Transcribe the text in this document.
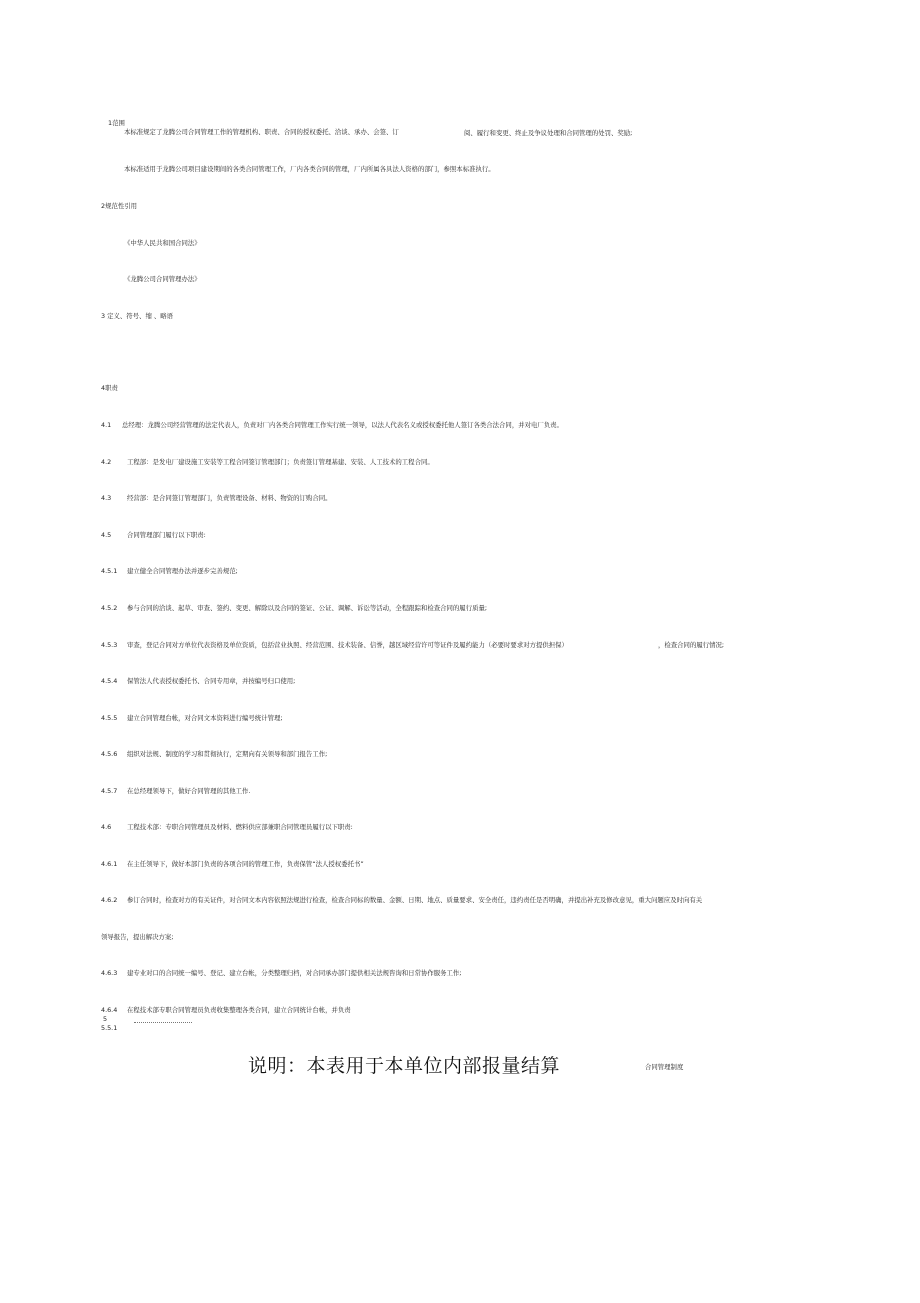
1范围
本标准规定了龙腾公司合同管理工作的管理机构、职责、合同的授权委托、洽谈、承办、会签、订	阅、履行和变更、终止及争议处理和合同管理的处罚、奖励;
本标准适用于龙腾公司项目建设期间的各类合同管理工作，厂内各类合同的管理，厂内所属各具法人资格的部门，参照本标准执行。
2规范性引用
《中华人民共和国合同法》
《龙腾公司合同管理办法》
3 定义、符号、缩 、略语
4职责
4.1 总经理：龙腾公司经营管理的法定代表人，负责对厂内各类合同管理工作实行统一领导，以法人代表名义或授权委托他人签订各类合法合同，并对电厂负责。
4.2 工程部：是发电厂建设施工安装等工程合同签订管理部门；负责签订管理基建、安装、人工技术的工程合同。
4.3 经营部：是合同签订管理部门，负责管理设备、材料、物资的订购合同。
4.5 合同管理部门履行以下职责:
4.5.1 建立健全合同管理办法并逐步完善规范;
4.5.2 参与合同的洽谈、起草、审查、签约、变更、解除以及合同的签证、公证、调解、诉讼等活动，全程跟踪和检查合同的履行质量;
4.5.3 审查，登记合同对方单位代表资格及单位资质，包括营业执照、经营范围、技术装备、信誉，越区域经营许可等证件及履约能力（必要时要求对方提供担保）	，检查合同的履行情况;
4.5.4 保管法人代表授权委托书、合同专用章，并按编号归口使用;
4.5.5 建立合同管理台帐，对合同文本资料进行编号统计管理;
4.5.6 组织对法规、制度的学习和贯彻执行，定期向有关领导和部门报告工作;
4.5.7 在总经理领导下，做好合同管理的其他工作.
4.6 工程技术部：专职合同管理员及材料、燃料供应部兼职合同管理员履行以下职责:
4.6.1 在主任领导下，做好本部门负责的各项合同的管理工作，负责保管“法人授权委托书”
4.6.2 参订合同时，检查对方的有关证件，对合同文本内容依照法规进行检查，检查合同标的数量、金额、日期、地点、质量要求、安全责任，违约责任是否明确，并提出补充及修改意见，重大问题应及时向有关
领导报告，提出解决方案;
4.6.3 建专业对口的合同统一编号、登记、建立台帐，分类整理归档，对合同承办部门提供相关法规咨询和日常协作服务工作;
4.6.4 在程技术部专职合同管理员负责收集整理各类合同，建立合同统计台帐，并负责
5
5.5.1
说明：本表用于本单位内部报量结算	合同管理制度
